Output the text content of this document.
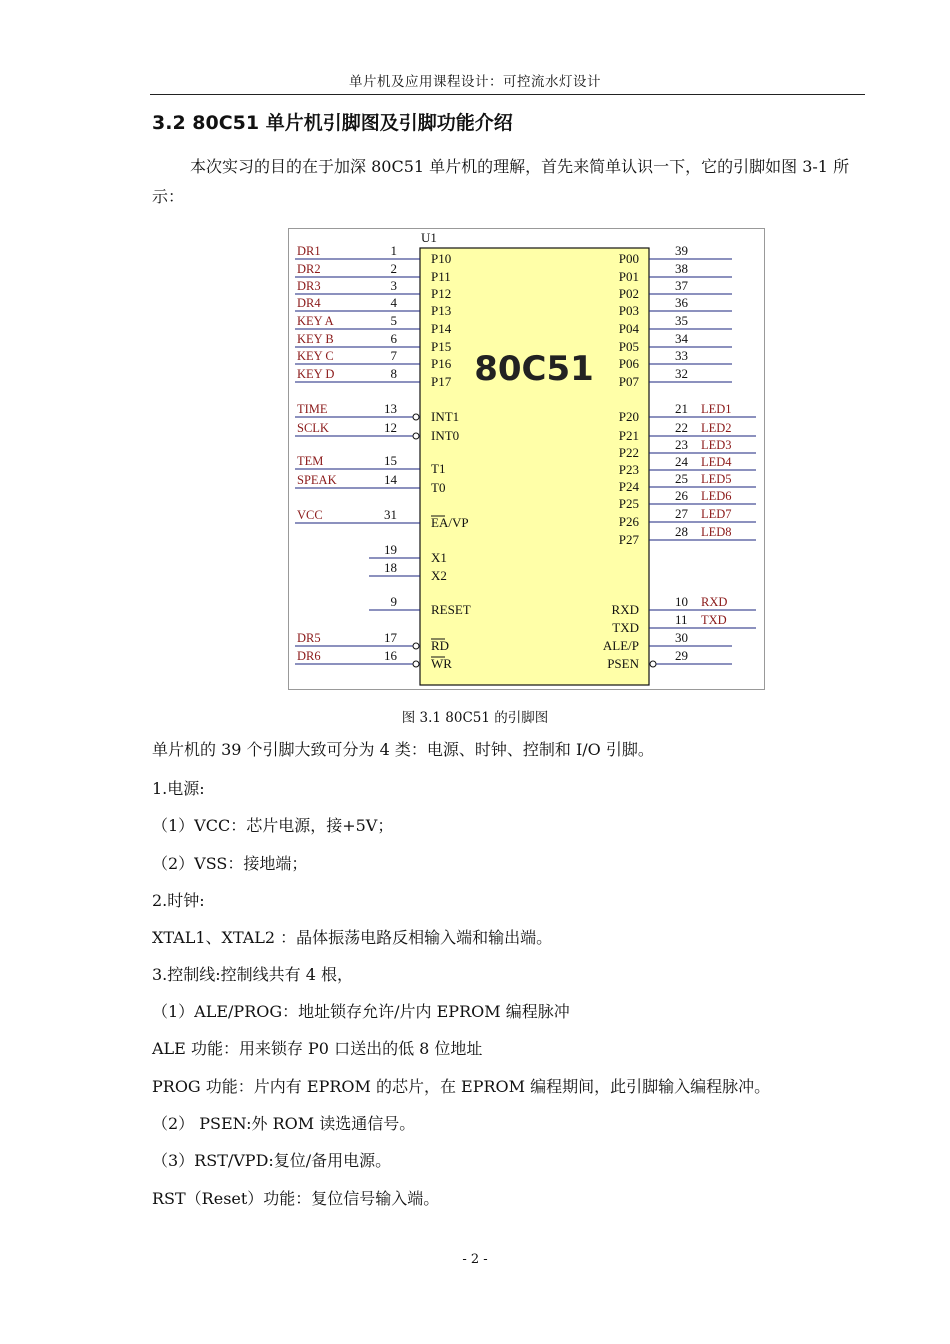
单片机及应用课程设计：可控流水灯设计
3.2 80C51 单片机引脚图及引脚功能介绍
本次实习的目的在于加深 80C51 单片机的理解，首先来简单认识一下，它的引脚如图 3-1 所示：
U1
80C51
DR1	1
P10
DR2	2
P11
DR3	3
P12
DR4	4
P13
KEY A	5
P14
KEY B	6
P15
KEY C	7
P16
KEY D	8
P17
TIME	13
INT1
SCLK	12
INT0
TEM	15
T1
SPEAK	14
T0
VCC	31
EA/VP
19
X1
18
X2
9
RESET
DR5	17
RD
DR6	16
WR
P00
39
P01
38
P02
37
P03
36
P04
35
P05
34
P06
33
P07
32
P20
21 LED1
P21
22 LED2
P22
23 LED3
P23
24 LED4
P24
25 LED5
P25
26 LED6
P26
27 LED7
P27
28 LED8
RXD
10 RXD
TXD
11 TXD
ALE/P
30
PSEN
29
图 3.1 80C51 的引脚图
单片机的 39 个引脚大致可分为 4 类：电源、时钟、控制和 I/O 引脚。
1.电源:
（1）VCC：芯片电源，接+5V；
（2）VSS：接地端；
2.时钟:
XTAL1、XTAL2 ：晶体振荡电路反相输入端和输出端。
3.控制线:控制线共有 4 根，
（1）ALE/PROG：地址锁存允许/片内 EPROM 编程脉冲
ALE 功能：用来锁存 P0 口送出的低 8 位地址
PROG 功能：片内有 EPROM 的芯片，在 EPROM 编程期间，此引脚输入编程脉冲。
（2） PSEN:外 ROM 读选通信号。
（3）RST/VPD:复位/备用电源。
RST（Reset）功能：复位信号输入端。
- 2 -
